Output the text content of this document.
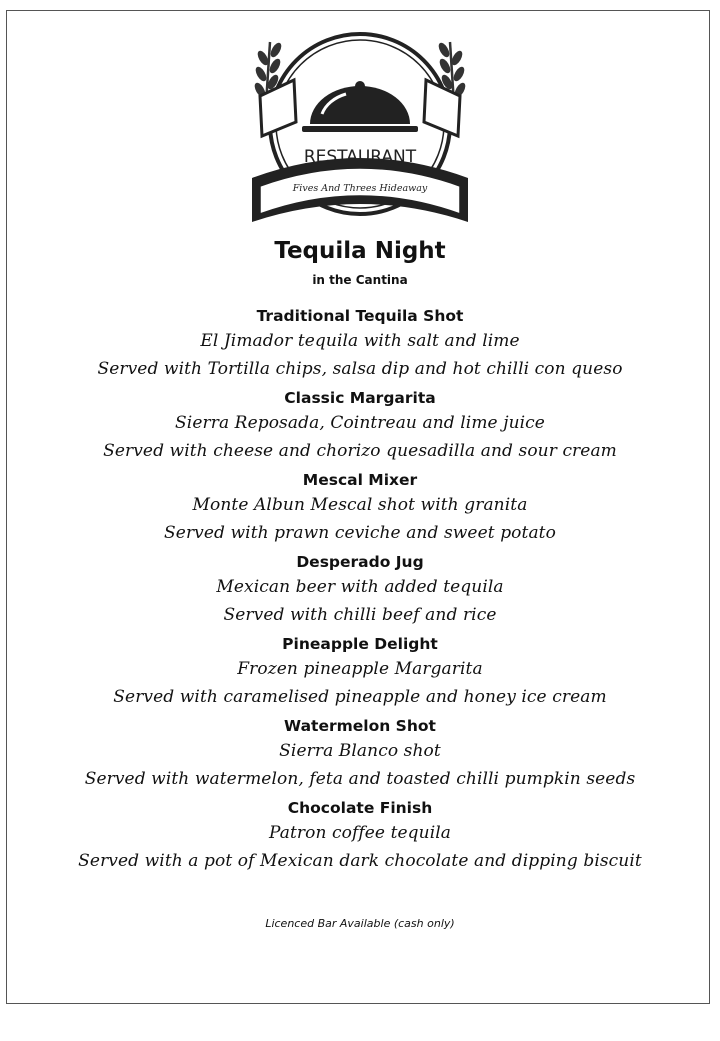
RESTAURANT
Fives And Threes Hideaway
Tequila Night
in the Cantina
Traditional Tequila Shot
El Jimador tequila with salt and lime
Served with Tortilla chips, salsa dip and hot chilli con queso
Classic Margarita
Sierra Reposada, Cointreau and lime juice
Served with cheese and chorizo quesadilla and sour cream
Mescal Mixer
Monte Albun Mescal shot with granita
Served with prawn ceviche and sweet potato
Desperado Jug
Mexican beer with added tequila
Served with chilli beef and rice
Pineapple Delight
Frozen pineapple Margarita
Served with caramelised pineapple and honey ice cream
Watermelon Shot
Sierra Blanco shot
Served with watermelon, feta and toasted chilli pumpkin seeds
Chocolate Finish
Patron coffee tequila
Served with a pot of Mexican dark chocolate and dipping biscuit
Licenced Bar Available (cash only)
